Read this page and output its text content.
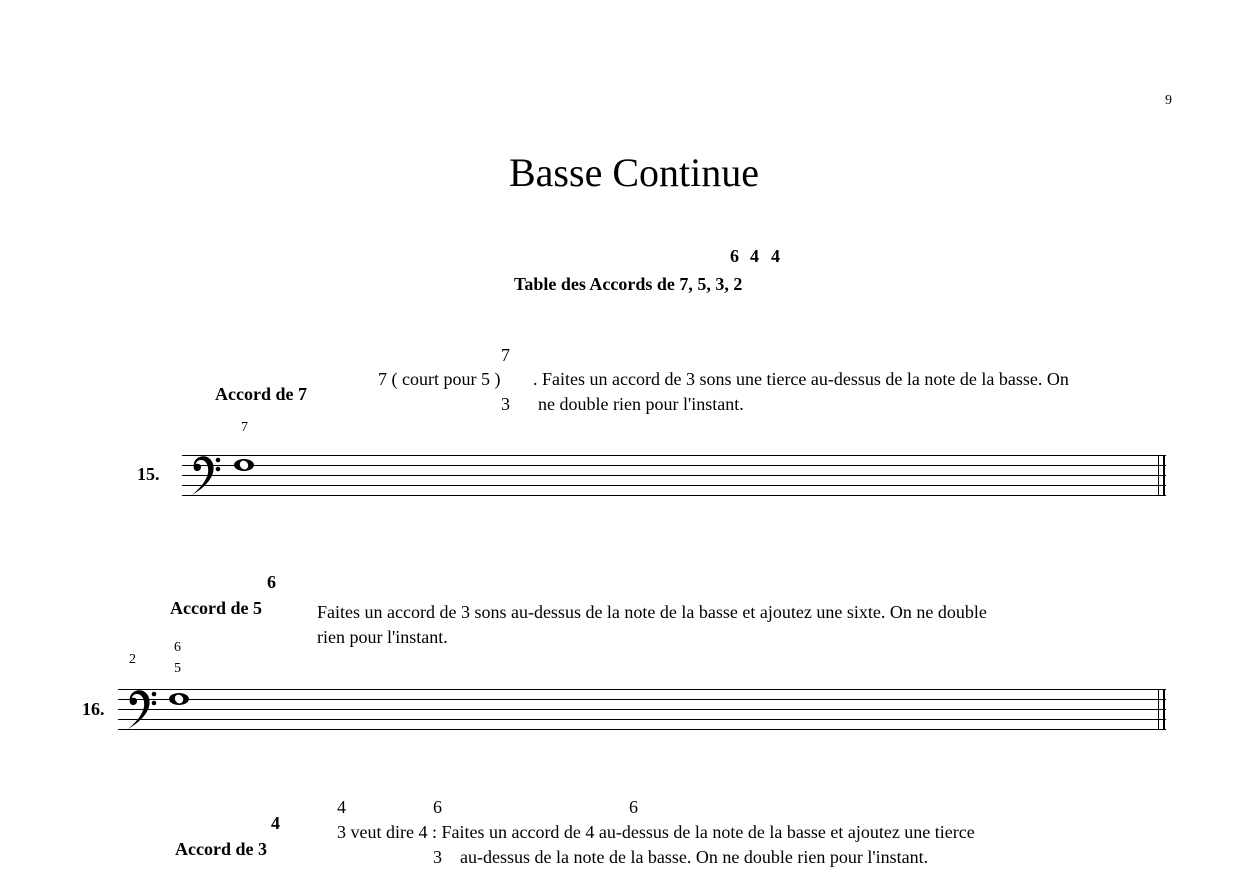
9
Basse Continue
6 4 4
Table des Accords de 7, 5, 3, 2
Accord de 7
7
7 ( court pour 5 )
3
. Faites un accord de 3 sons une tierce au-dessus de la note de la basse. On
ne double rien pour l'instant.
7
15.
6
Accord de 5	Faites un accord de 3 sons au-dessus de la note de la basse et ajoutez une sixte. On ne double
rien pour l'instant.
2
6
5
16.
4
Accord de 3
4	6	6
3 veut dire 4 : Faites un accord de 4 au-dessus de la note de la basse et ajoutez une tierce
3 au-dessus de la note de la basse. On ne double rien pour l'instant.
